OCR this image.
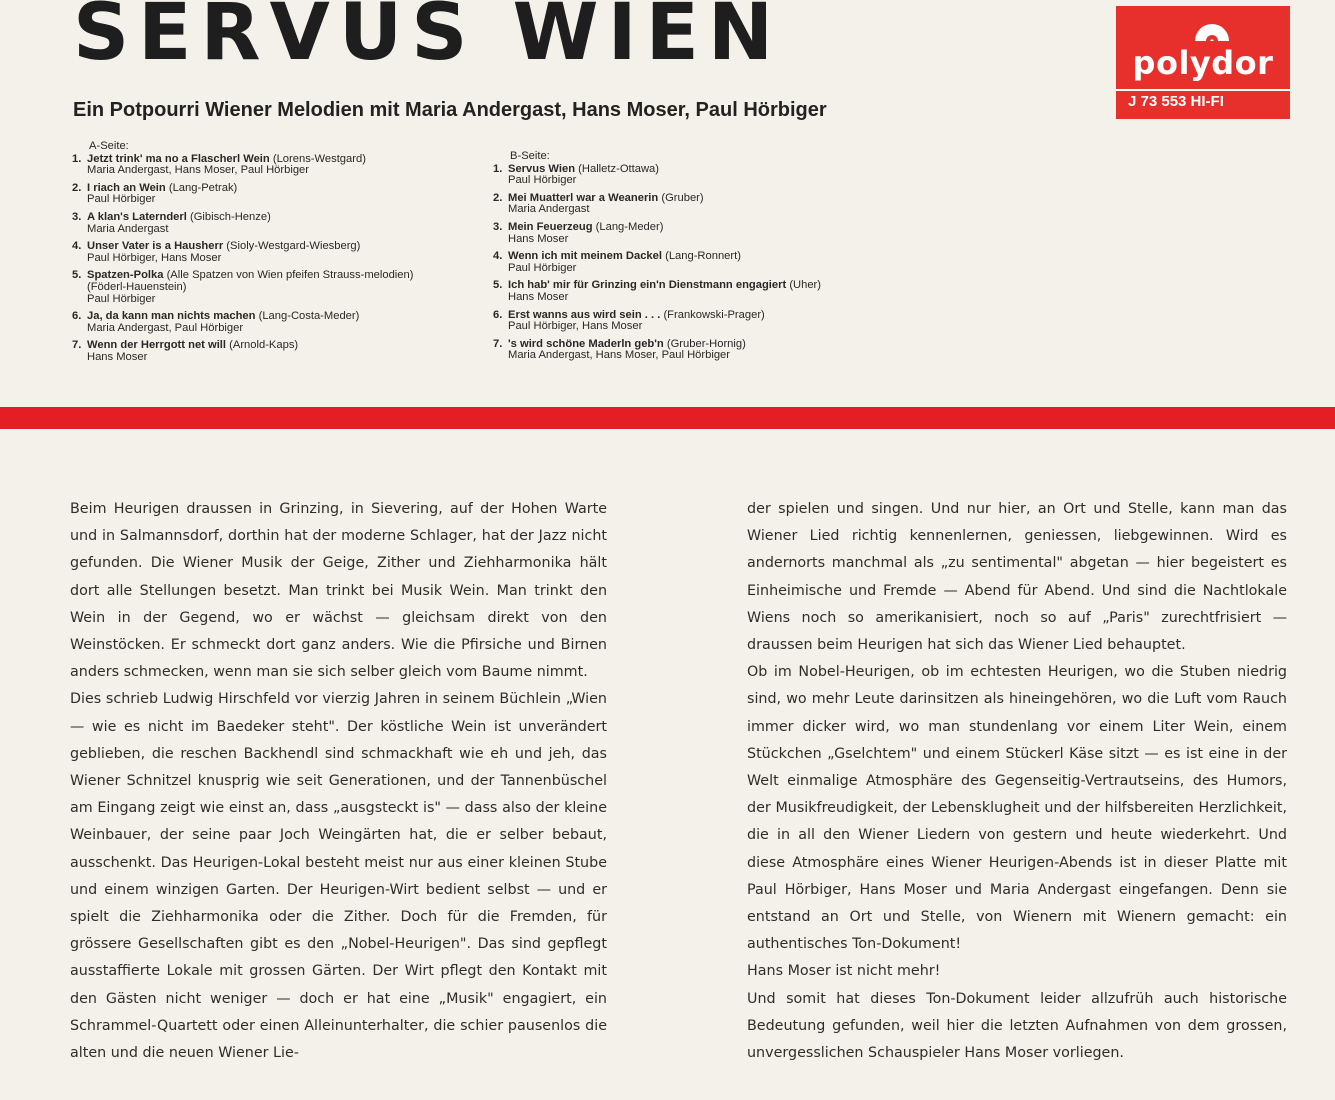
SERVUS WIEN
Ein Potpourri Wiener Melodien mit Maria Andergast, Hans Moser, Paul Hörbiger
polydor
J 73 553 HI-FI
A-Seite:
1. Jetzt trink' ma no a Flascherl Wein (Lorens-Westgard)
Maria Andergast, Hans Moser, Paul Hörbiger
2. I riach an Wein (Lang-Petrak)
Paul Hörbiger
3. A klan's Laternderl (Gibisch-Henze)
Maria Andergast
4. Unser Vater is a Hausherr (Sioly-Westgard-Wiesberg)
Paul Hörbiger, Hans Moser
5. Spatzen-Polka (Alle Spatzen von Wien pfeifen Strauss-melodien) (Föderl-Hauenstein)
Paul Hörbiger
6. Ja, da kann man nichts machen (Lang-Costa-Meder)
Maria Andergast, Paul Hörbiger
7. Wenn der Herrgott net will (Arnold-Kaps)
Hans Moser
B-Seite:
1. Servus Wien (Halletz-Ottawa)
Paul Hörbiger
2. Mei Muatterl war a Weanerin (Gruber)
Maria Andergast
3. Mein Feuerzeug (Lang-Meder)
Hans Moser
4. Wenn ich mit meinem Dackel (Lang-Ronnert)
Paul Hörbiger
5. Ich hab' mir für Grinzing ein'n Dienstmann engagiert (Uher)
Hans Moser
6. Erst wanns aus wird sein . . . (Frankowski-Prager)
Paul Hörbiger, Hans Moser
7. 's wird schöne Maderln geb'n (Gruber-Hornig)
Maria Andergast, Hans Moser, Paul Hörbiger

Beim Heurigen draussen in Grinzing, in Sievering, auf der Hohen Warte und in Salmannsdorf, dorthin hat der moderne Schlager, hat der Jazz nicht gefunden. Die Wiener Musik der Geige, Zither und Ziehharmonika hält dort alle Stellungen besetzt. Man trinkt bei Musik Wein. Man trinkt den Wein in der Gegend, wo er wächst — gleichsam direkt von den Weinstöcken. Er schmeckt dort ganz anders. Wie die Pfirsiche und Birnen anders schmecken, wenn man sie sich selber gleich vom Baume nimmt.

Dies schrieb Ludwig Hirschfeld vor vierzig Jahren in seinem Büchlein „Wien — wie es nicht im Baedeker steht". Der köstliche Wein ist unverändert geblieben, die reschen Backhendl sind schmackhaft wie eh und jeh, das Wiener Schnitzel knusprig wie seit Generationen, und der Tannenbüschel am Eingang zeigt wie einst an, dass „ausgsteckt is" — dass also der kleine Weinbauer, der seine paar Joch Weingärten hat, die er selber bebaut, ausschenkt. Das Heurigen-Lokal besteht meist nur aus einer kleinen Stube und einem winzigen Garten. Der Heurigen-Wirt bedient selbst — und er spielt die Ziehharmonika oder die Zither. Doch für die Fremden, für grössere Gesellschaften gibt es den „Nobel-Heurigen". Das sind gepflegt ausstaffierte Lokale mit grossen Gärten. Der Wirt pflegt den Kontakt mit den Gästen nicht weniger — doch er hat eine „Musik" engagiert, ein Schrammel-Quartett oder einen Alleinunterhalter, die schier pausenlos die alten und die neuen Wiener Lie-

der spielen und singen. Und nur hier, an Ort und Stelle, kann man das Wiener Lied richtig kennenlernen, geniessen, liebgewinnen. Wird es andernorts manchmal als „zu sentimental" abgetan — hier begeistert es Einheimische und Fremde — Abend für Abend. Und sind die Nachtlokale Wiens noch so amerikanisiert, noch so auf „Paris" zurechtfrisiert — draussen beim Heurigen hat sich das Wiener Lied behauptet.

Ob im Nobel-Heurigen, ob im echtesten Heurigen, wo die Stuben niedrig sind, wo mehr Leute darinsitzen als hineingehören, wo die Luft vom Rauch immer dicker wird, wo man stundenlang vor einem Liter Wein, einem Stückchen „Gselchtem" und einem Stückerl Käse sitzt — es ist eine in der Welt einmalige Atmosphäre des Gegenseitig-Vertrautseins, des Humors, der Musikfreudigkeit, der Lebensklugheit und der hilfsbereiten Herzlichkeit, die in all den Wiener Liedern von gestern und heute wiederkehrt. Und diese Atmosphäre eines Wiener Heurigen-Abends ist in dieser Platte mit Paul Hörbiger, Hans Moser und Maria Andergast eingefangen. Denn sie entstand an Ort und Stelle, von Wienern mit Wienern gemacht: ein authentisches Ton-Dokument!

Hans Moser ist nicht mehr!

Und somit hat dieses Ton-Dokument leider allzufrüh auch historische Bedeutung gefunden, weil hier die letzten Aufnahmen von dem grossen, unvergesslichen Schauspieler Hans Moser vorliegen.
